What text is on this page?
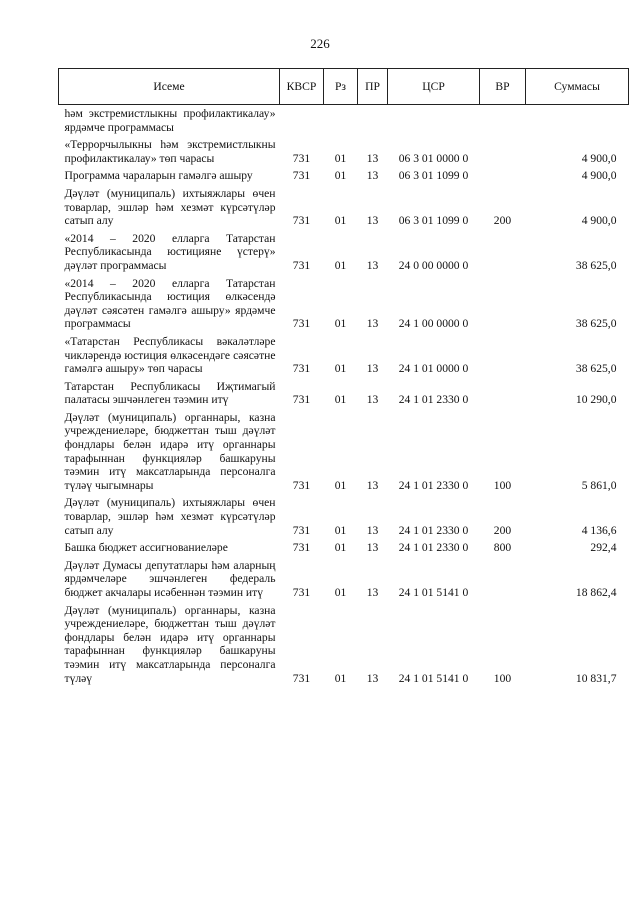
226
Исеме	КВСР	Рз	ПР	ЦСР	ВР	Суммасы
һәм экстремистлыкны профилактикалау» ярдәмче программасы						
«Террорчылыкны һәм экстремистлыкны профилактикалау» төп чарасы	731	01	13	06 3 01 0000 0		4 900,0
Программа чараларын гамәлгә ашыру	731	01	13	06 3 01 1099 0		4 900,0
Дәүләт (муниципаль) ихтыяжлары өчен товарлар, эшләр һәм хезмәт күрсәтүләр сатып алу	731	01	13	06 3 01 1099 0	200	4 900,0
«2014 – 2020 елларга Татарстан Республикасында юстицияне үстерү» дәүләт программасы	731	01	13	24 0 00 0000 0		38 625,0
«2014 – 2020 елларга Татарстан Республикасында юстиция өлкәсендә дәүләт сәясәтен гамәлгә ашыру» ярдәмче программасы	731	01	13	24 1 00 0000 0		38 625,0
«Татарстан Республикасы вәкаләтләре чикләрендә юстиция өлкәсендәге сәясәтне гамәлгә ашыру» төп чарасы	731	01	13	24 1 01 0000 0		38 625,0
Татарстан Республикасы Иҗтимагый палатасы эшчәнлеген тәэмин итү	731	01	13	24 1 01 2330 0		10 290,0
Дәүләт (муниципаль) органнары, казна учреждениеләре, бюджеттан тыш дәүләт фондлары белән идарә итү органнары тарафыннан функцияләр башкаруны тәэмин итү максатларында персоналга түләү чыгымнары	731	01	13	24 1 01 2330 0	100	5 861,0
Дәүләт (муниципаль) ихтыяжлары өчен товарлар, эшләр һәм хезмәт күрсәтүләр сатып алу	731	01	13	24 1 01 2330 0	200	4 136,6
Башка бюджет ассигнованиеләре	731	01	13	24 1 01 2330 0	800	292,4
Дәүләт Думасы депутатлары һәм аларның ярдәмчеләре эшчәнлеген федераль бюджет акчалары исәбеннән тәэмин итү	731	01	13	24 1 01 5141 0		18 862,4
Дәүләт (муниципаль) органнары, казна учреждениеләре, бюджеттан тыш дәүләт фондлары белән идарә итү органнары тарафыннан функцияләр башкаруны тәэмин итү максатларында персоналга түләү	731	01	13	24 1 01 5141 0	100	10 831,7
